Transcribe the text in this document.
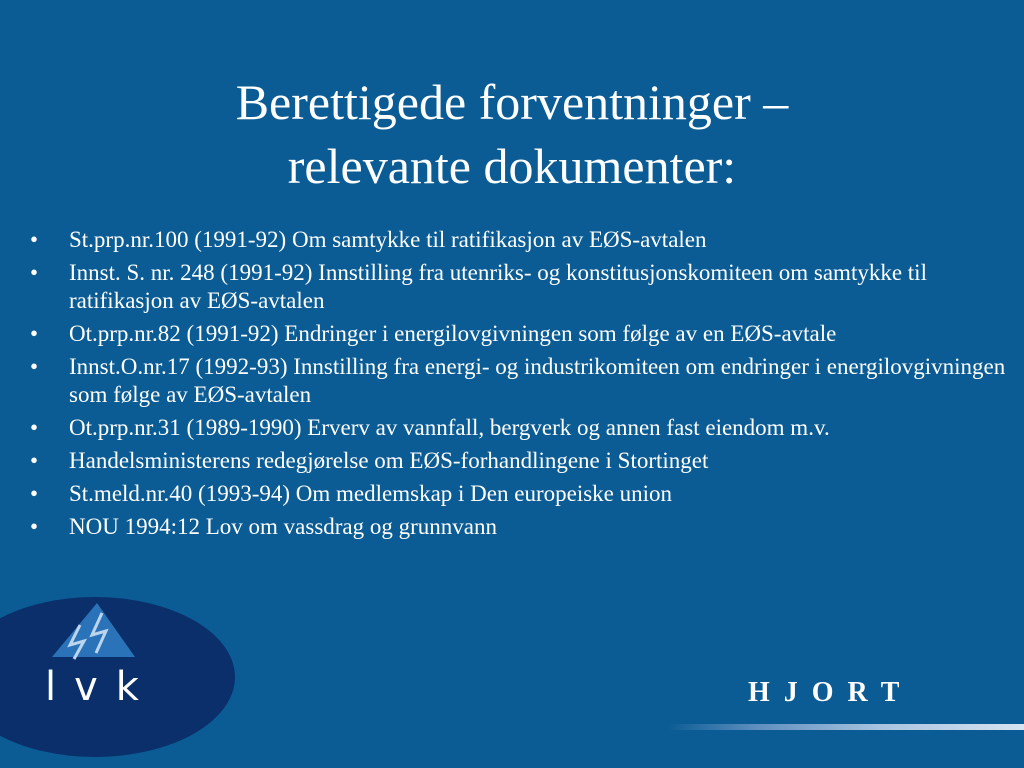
Berettigede forventninger –
relevante dokumenter:
•	St.prp.nr.100 (1991-92) Om samtykke til ratifikasjon av EØS-avtalen
•	Innst. S. nr. 248 (1991-92) Innstilling fra utenriks- og konstitusjonskomiteen om samtykke til ratifikasjon av EØS-avtalen
•	Ot.prp.nr.82 (1991-92) Endringer i energilovgivningen som følge av en EØS-avtale
•	Innst.O.nr.17 (1992-93) Innstilling fra energi- og industrikomiteen om endringer i energilovgivningen som følge av EØS-avtalen
•	Ot.prp.nr.31 (1989-1990) Erverv av vannfall, bergverk og annen fast eiendom m.v.
•	Handelsministerens redegjørelse om EØS-forhandlingene i Stortinget
•	St.meld.nr.40 (1993-94) Om medlemskap i Den europeiske union
•	NOU 1994:12 Lov om vassdrag og grunnvann
lvk	HJORT
